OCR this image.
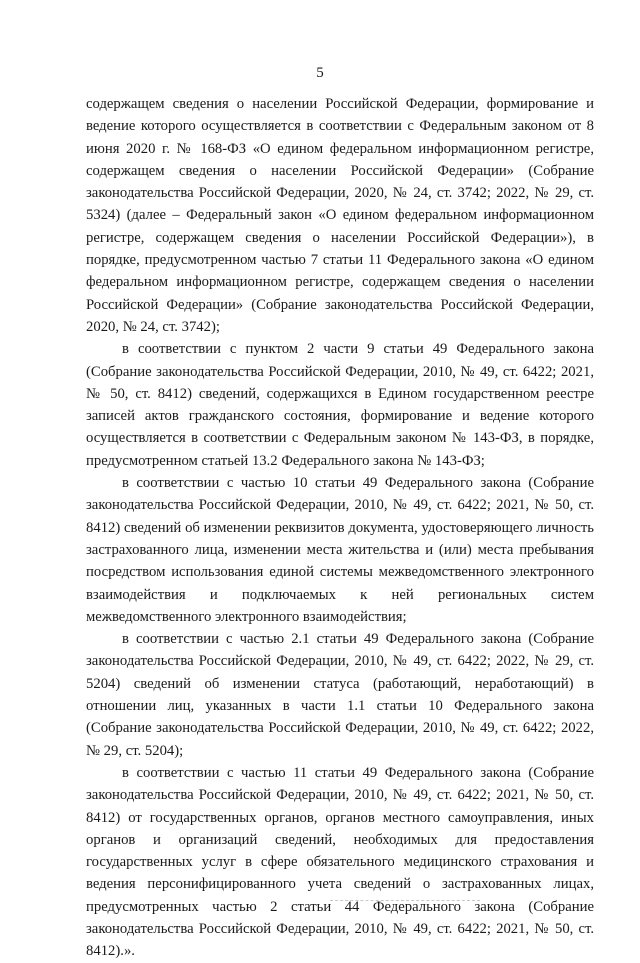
5

содержащем сведения о населении Российской Федерации, формирование и ведение которого осуществляется в соответствии с Федеральным законом от 8 июня 2020 г. № 168-ФЗ «О едином федеральном информационном регистре, содержащем сведения о населении Российской Федерации» (Собрание законодательства Российской Федерации, 2020, № 24, ст. 3742; 2022, № 29, ст. 5324) (далее – Федеральный закон «О едином федеральном информационном регистре, содержащем сведения о населении Российской Федерации»), в порядке, предусмотренном частью 7 статьи 11 Федерального закона «О едином федеральном информационном регистре, содержащем сведения о населении Российской Федерации» (Собрание законодательства Российской Федерации, 2020, № 24, ст. 3742);

в соответствии с пунктом 2 части 9 статьи 49 Федерального закона (Собрание законодательства Российской Федерации, 2010, № 49, ст. 6422; 2021, № 50, ст. 8412) сведений, содержащихся в Едином государственном реестре записей актов гражданского состояния, формирование и ведение которого осуществляется в соответствии с Федеральным законом № 143-ФЗ, в порядке, предусмотренном статьей 13.2 Федерального закона № 143-ФЗ;

в соответствии с частью 10 статьи 49 Федерального закона (Собрание законодательства Российской Федерации, 2010, № 49, ст. 6422; 2021, № 50, ст. 8412) сведений об изменении реквизитов документа, удостоверяющего личность застрахованного лица, изменении места жительства и (или) места пребывания посредством использования единой системы межведомственного электронного взаимодействия и подключаемых к ней региональных систем межведомственного электронного взаимодействия;

в соответствии с частью 2.1 статьи 49 Федерального закона (Собрание законодательства Российской Федерации, 2010, № 49, ст. 6422; 2022, № 29, ст. 5204) сведений об изменении статуса (работающий, неработающий) в отношении лиц, указанных в части 1.1 статьи 10 Федерального закона (Собрание законодательства Российской Федерации, 2010, № 49, ст. 6422; 2022, № 29, ст. 5204);

в соответствии с частью 11 статьи 49 Федерального закона (Собрание законодательства Российской Федерации, 2010, № 49, ст. 6422; 2021, № 50, ст. 8412) от государственных органов, органов местного самоуправления, иных органов и организаций сведений, необходимых для предоставления государственных услуг в сфере обязательного медицинского страхования и ведения персонифицированного учета сведений о застрахованных лицах, предусмотренных частью 2 статьи 44 Федерального закона (Собрание законодательства Российской Федерации, 2010, № 49, ст. 6422; 2021, № 50, ст. 8412).».
